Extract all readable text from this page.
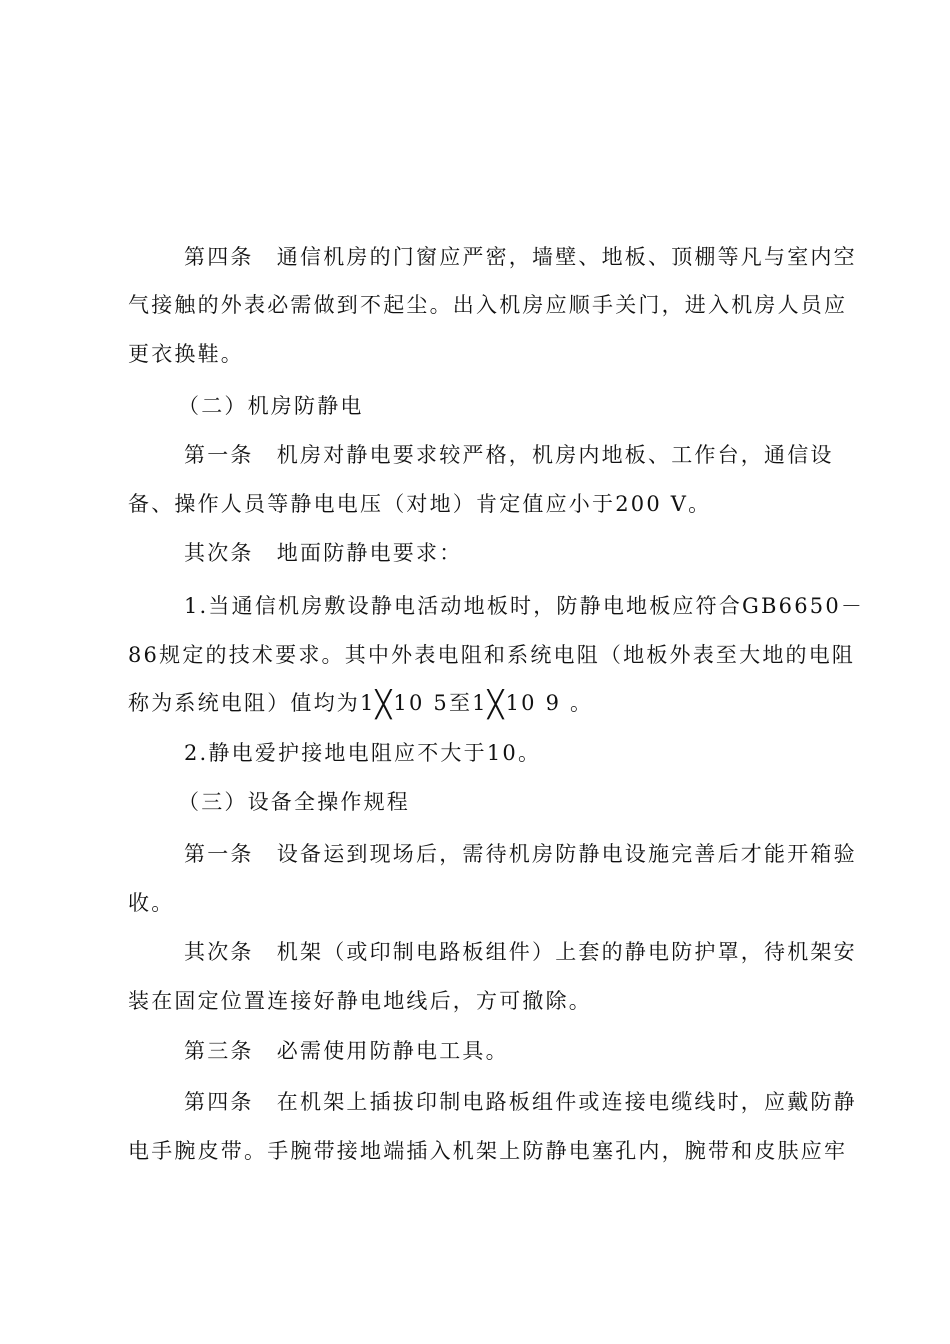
第四条　通信机房的门窗应严密，墙壁、地板、顶棚等凡与室内空
气接触的外表必需做到不起尘。出入机房应顺手关门，进入机房人员应
更衣换鞋。
（二）机房防静电
第一条　机房对静电要求较严格，机房内地板、工作台，通信设
备、操作人员等静电电压（对地）肯定值应小于200 V。
其次条　地面防静电要求：
1.当通信机房敷设静电活动地板时，防静电地板应符合GB6650－
86规定的技术要求。其中外表电阻和系统电阻（地板外表至大地的电阻
称为系统电阻）值均为1╳10 5至1╳10 9 。
2.静电爱护接地电阻应不大于10。
（三）设备全操作规程
第一条　设备运到现场后，需待机房防静电设施完善后才能开箱验
收。
其次条　机架（或印制电路板组件）上套的静电防护罩，待机架安
装在固定位置连接好静电地线后，方可撤除。
第三条　必需使用防静电工具。
第四条　在机架上插拔印制电路板组件或连接电缆线时，应戴防静
电手腕皮带。手腕带接地端插入机架上防静电塞孔内，腕带和皮肤应牢
